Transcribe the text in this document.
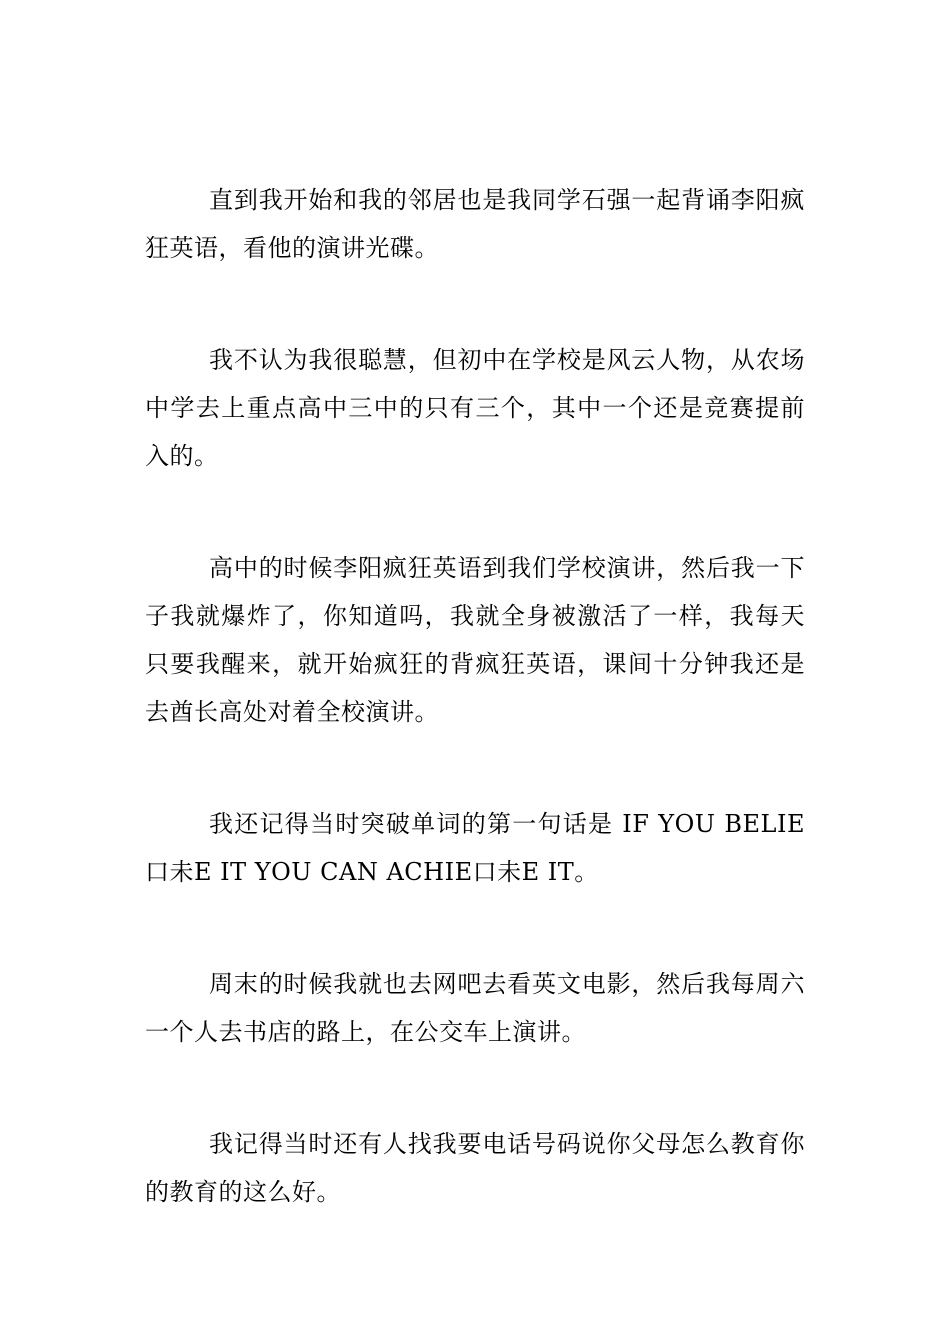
直到我开始和我的邻居也是我同学石强一起背诵李阳疯狂英语，看他的演讲光碟。

我不认为我很聪慧，但初中在学校是风云人物，从农场中学去上重点高中三中的只有三个，其中一个还是竞赛提前入的。

高中的时候李阳疯狂英语到我们学校演讲，然后我一下子我就爆炸了，你知道吗，我就全身被激活了一样，我每天只要我醒来，就开始疯狂的背疯狂英语，课间十分钟我还是去酋长高处对着全校演讲。

我还记得当时突破单词的第一句话是 IF YOU BELIE口未E IT YOU CAN ACHIE口未E IT。

周末的时候我就也去网吧去看英文电影，然后我每周六一个人去书店的路上，在公交车上演讲。

我记得当时还有人找我要电话号码说你父母怎么教育你的教育的这么好。
